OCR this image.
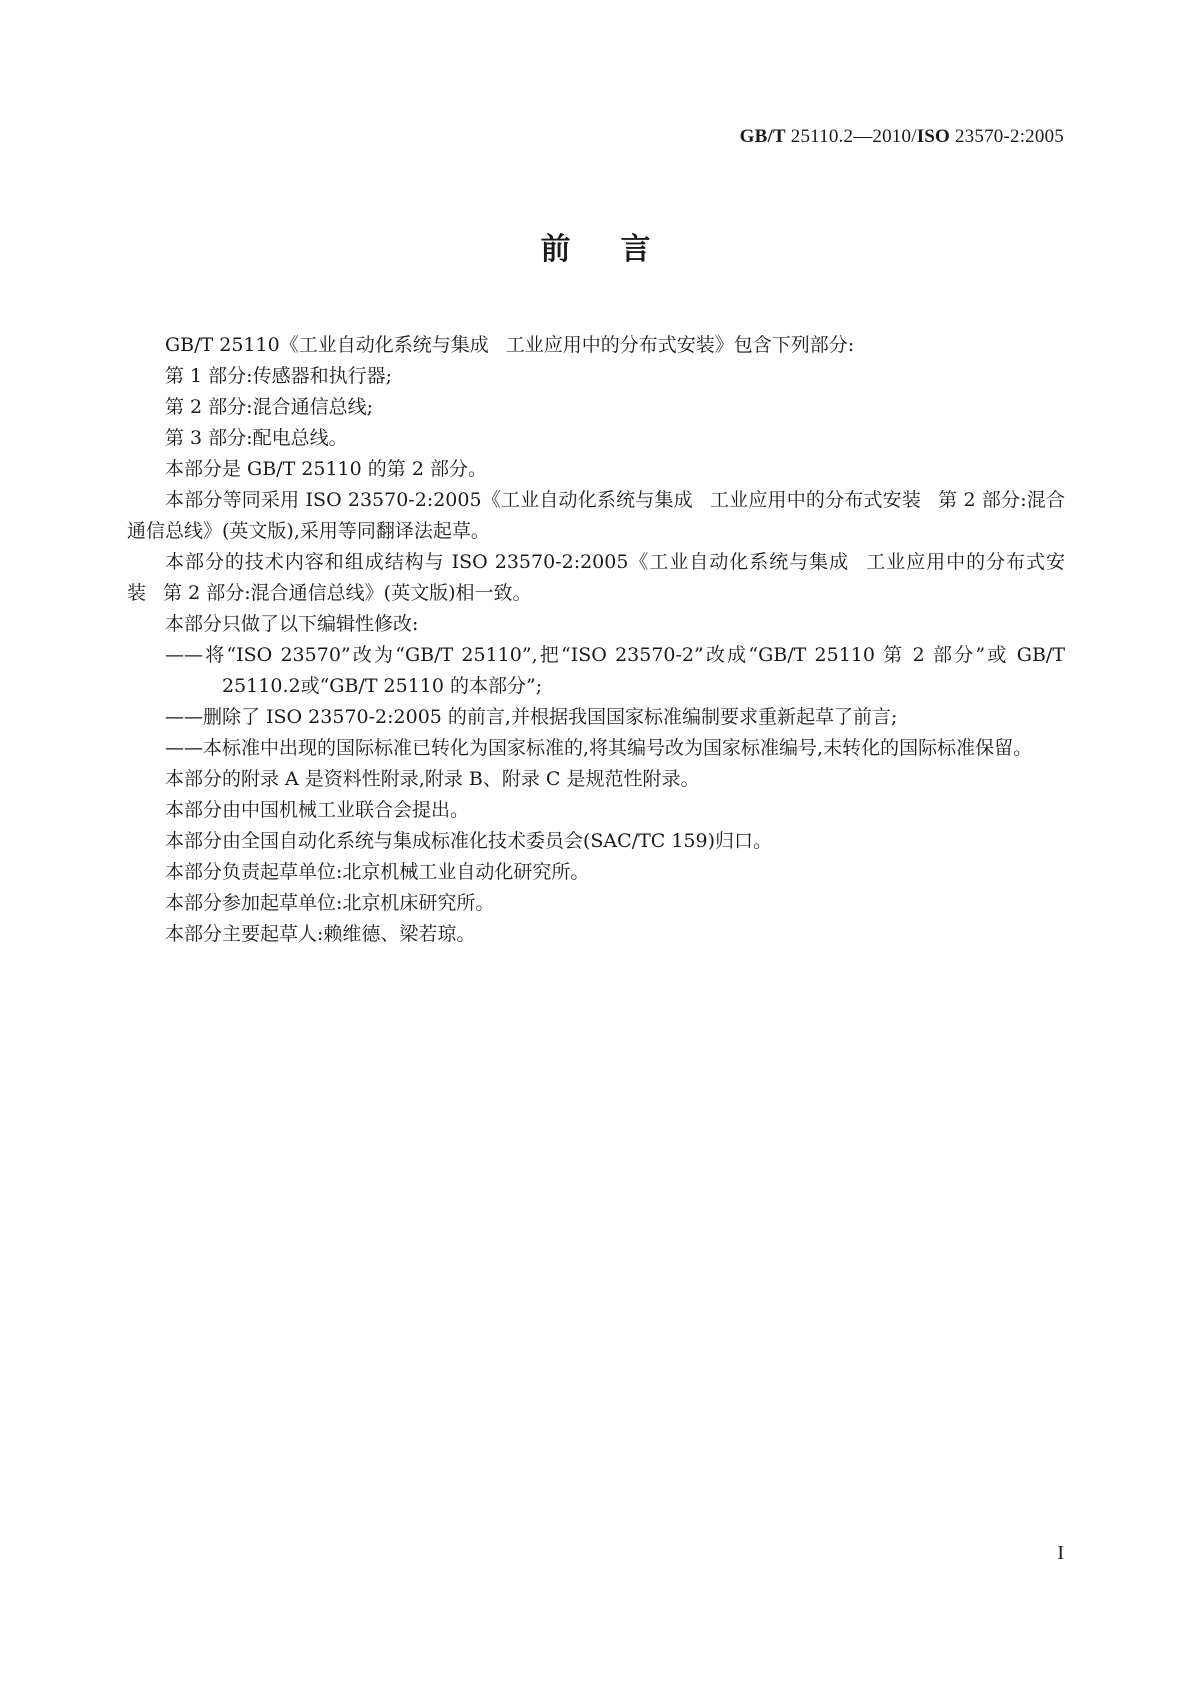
GB/T 25110.2—2010/ISO 23570-2:2005
前言

GB/T 25110《工业自动化系统与集成 工业应用中的分布式安装》包含下列部分:

第 1 部分:传感器和执行器;

第 2 部分:混合通信总线;

第 3 部分:配电总线。

本部分是 GB/T 25110 的第 2 部分。

本部分等同采用 ISO 23570-2:2005《工业自动化系统与集成 工业应用中的分布式安装 第 2 部分:混合通信总线》(英文版),采用等同翻译法起草。

本部分的技术内容和组成结构与 ISO 23570-2:2005《工业自动化系统与集成 工业应用中的分布式安装 第 2 部分:混合通信总线》(英文版)相一致。

本部分只做了以下编辑性修改:

——将“ISO 23570”改为“GB/T 25110”,把“ISO 23570-2”改成“GB/T 25110 第 2 部分”或 GB/T 25110.2或“GB/T 25110 的本部分”;

——删除了 ISO 23570-2:2005 的前言,并根据我国国家标准编制要求重新起草了前言;

——本标准中出现的国际标准已转化为国家标准的,将其编号改为国家标准编号,未转化的国际标准保留。

本部分的附录 A 是资料性附录,附录 B、附录 C 是规范性附录。

本部分由中国机械工业联合会提出。

本部分由全国自动化系统与集成标准化技术委员会(SAC/TC 159)归口。

本部分负责起草单位:北京机械工业自动化研究所。

本部分参加起草单位:北京机床研究所。

本部分主要起草人:赖维德、梁若琼。

I
